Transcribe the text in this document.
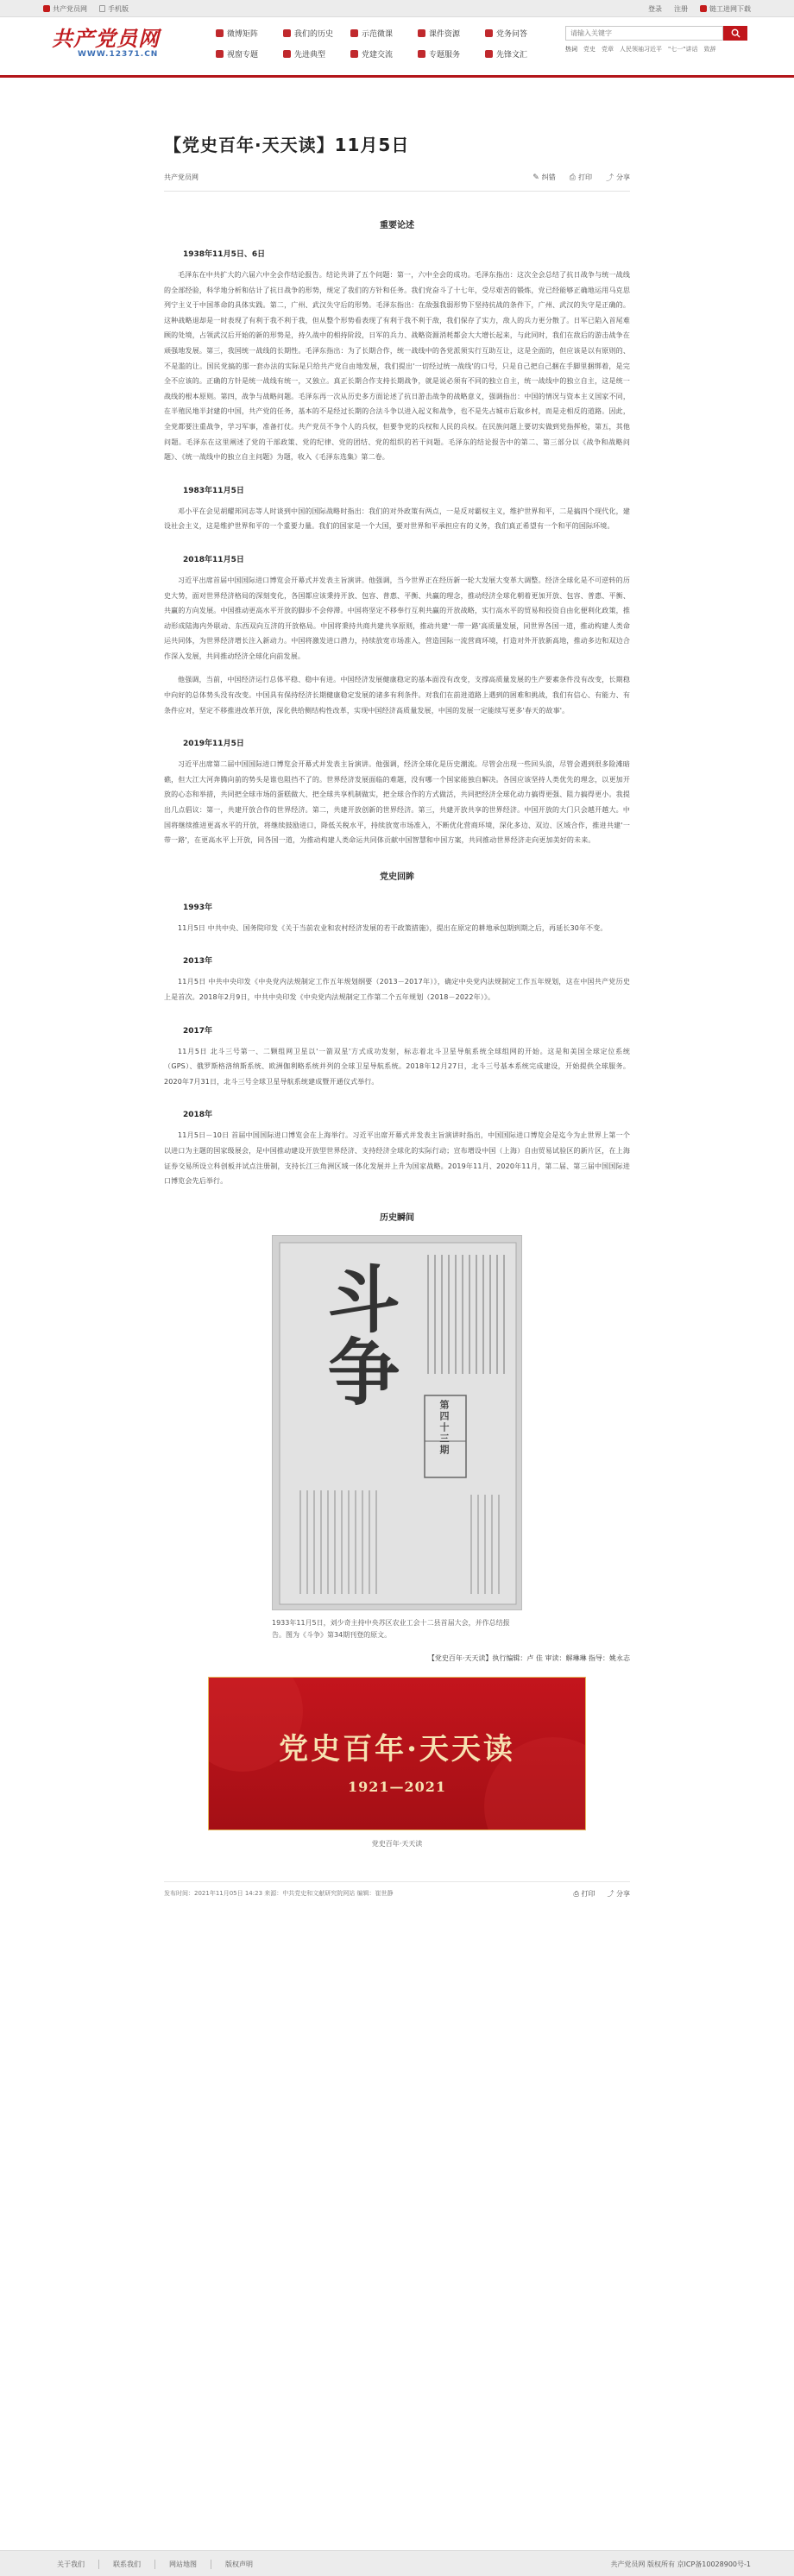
共产党员网	手机版	登录 注册	链工进网下载
共产党员网
WWW.12371.CN
微博矩阵	我们的历史	示范微课	课件资源	党务问答
视窗专题	先进典型	党建交流	专题服务	先锋文汇
请输入关键字
热词 党史 党章 人民领袖习近平 "七一"讲话 致辞
【党史百年·天天读】11月5日
共产党员网	✎ 纠错 ⎙ 打印 ⤴ 分享
重要论述
1938年11月5日、6日

毛泽东在中共扩大的六届六中全会作结论报告。结论共讲了五个问题：第一，六中全会的成功。毛泽东指出：这次全会总结了抗日战争与统一战线的全部经验，科学地分析和估计了抗日战争的形势，规定了我们的方针和任务。我们党奋斗了十七年，受尽艰苦的锻炼，党已经能够正确地运用马克思列宁主义于中国革命的具体实践。第二，广州、武汉失守后的形势。毛泽东指出：在敌强我弱形势下坚持抗战的条件下，广州、武汉的失守是正确的。这种战略退却是一时表现了有利于我不利于我，但从整个形势看表现了有利于我不利于敌，我们保存了实力，敌人的兵力更分散了。日军已陷入首尾难顾的处境，占领武汉后开始的新的形势是，持久战中的相持阶段，日军的兵力、战略资源消耗都会大大增长起来，与此同时，我们在敌后的游击战争在顽强地发展。第三，我国统一战线的长期性。毛泽东指出：为了长期合作，统一战线中的各党派须实行互助互让，这是全面的，但应该是以有原则的、不是滥的让。国民党搞的那一套办法的实际是只给共产党自由地发展，我们提出'一切经过统一战线'的口号，只是自己把自己捆在手脚里捆绑着，是完全不应该的。正确的方针是统一战线有统一，又独立。真正长期合作支持长期战争，就是说必须有不同的独立自主，统一战线中的独立自主，这是统一战线的根本原则。第四，战争与战略问题。毛泽东再一次从历史多方面论述了抗日游击战争的战略意义，强调指出：中国的情况与资本主义国家不同，在半殖民地半封建的中国，共产党的任务，基本的不是经过长期的合法斗争以进入起义和战争，也不是先占城市后取乡村，而是走相反的道路。因此，全党都要注重战争，学习军事，准备打仗。共产党员不争个人的兵权，但要争党的兵权和人民的兵权。在民族问题上要切实做到党指挥枪，第五，其他问题。毛泽东在这里阐述了党的干部政策、党的纪律、党的团结、党的组织的若干问题。毛泽东的结论报告中的第二、第三部分以《战争和战略问题》、《统一战线中的独立自主问题》为题，收入《毛泽东选集》第二卷。

1983年11月5日

邓小平在会见胡耀邦同志等人时谈到中国的国际战略时指出：我们的对外政策有两点，一是反对霸权主义，维护世界和平，二是搞四个现代化，建设社会主义，这是维护世界和平的一个重要力量。我们的国家是一个大国，要对世界和平承担应有的义务，我们真正希望有一个和平的国际环境。

2018年11月5日

习近平出席首届中国国际进口博览会开幕式并发表主旨演讲。他强调，当今世界正在经历新一轮大发展大变革大调整。经济全球化是不可逆转的历史大势，面对世界经济格局的深刻变化，各国都应该秉持开放、包容、普惠、平衡、共赢的理念，推动经济全球化朝着更加开放、包容、普惠、平衡、共赢的方向发展。中国推动更高水平开放的脚步不会停滞。中国将坚定不移奉行互利共赢的开放战略，实行高水平的贸易和投资自由化便利化政策，推动形成陆海内外联动、东西双向互济的开放格局。中国将秉持共商共建共享原则，推动共建'一带一路'高质量发展，同世界各国一道，推动构建人类命运共同体，为世界经济增长注入新动力。中国将激发进口潜力，持续放宽市场准入，营造国际一流营商环境，打造对外开放新高地，推动多边和双边合作深入发展，共同推动经济全球化向前发展。

他强调，当前，中国经济运行总体平稳、稳中有进。中国经济发展健康稳定的基本面没有改变，支撑高质量发展的生产要素条件没有改变，长期稳中向好的总体势头没有改变。中国具有保持经济长期健康稳定发展的诸多有利条件。对我们在前进道路上遇到的困难和挑战，我们有信心、有能力、有条件应对，坚定不移推进改革开放，深化供给侧结构性改革，实现中国经济高质量发展，中国的发展一定能续写更多'春天的故事'。

2019年11月5日

习近平出席第二届中国国际进口博览会开幕式并发表主旨演讲。他强调，经济全球化是历史潮流。尽管会出现一些回头浪，尽管会遇到很多险滩暗礁，但大江大河奔腾向前的势头是谁也阻挡不了的。世界经济发展面临的难题，没有哪一个国家能独自解决。各国应该坚持人类优先的理念，以更加开放的心态和举措，共同把全球市场的蛋糕做大、把全球共享机制做实，把全球合作的方式做活，共同把经济全球化动力搞得更强、阻力搞得更小。我提出几点倡议：第一，共建开放合作的世界经济。第二，共建开放创新的世界经济。第三，共建开放共享的世界经济。中国开放的大门只会越开越大。中国将继续推进更高水平的开放，将继续鼓励进口，降低关税水平，持续放宽市场准入，不断优化营商环境，深化多边、双边、区域合作，推进共建'一带一路'，在更高水平上开放，同各国一道，为推动构建人类命运共同体贡献中国智慧和中国方案，共同推动世界经济走向更加美好的未来。

党史回眸
1993年

11月5日 中共中央、国务院印发《关于当前农业和农村经济发展的若干政策措施》，提出在原定的耕地承包期到期之后，再延长30年不变。

2013年

11月5日 中共中央印发《中央党内法规制定工作五年规划纲要（2013－2017年）》，确定中央党内法规制定工作五年规划，这在中国共产党历史上是首次。2018年2月9日，中共中央印发《中央党内法规制定工作第二个五年规划（2018－2022年）》。

2017年

11月5日 北斗三号第一、二颗组网卫星以'一箭双星'方式成功发射，标志着北斗卫星导航系统全球组网的开始。这是和美国全球定位系统（GPS）、俄罗斯格洛纳斯系统、欧洲伽利略系统并列的全球卫星导航系统。2018年12月27日，北斗三号基本系统完成建设，开始提供全球服务。2020年7月31日，北斗三号全球卫星导航系统建成暨开通仪式举行。

2018年

11月5日－10日 首届中国国际进口博览会在上海举行。习近平出席开幕式并发表主旨演讲时指出，中国国际进口博览会是迄今为止世界上第一个以进口为主题的国家级展会，是中国推动建设开放型世界经济、支持经济全球化的实际行动；宣布增设中国（上海）自由贸易试验区的新片区，在上海证券交易所设立科创板并试点注册制，支持长江三角洲区域一体化发展并上升为国家战略。2019年11月、2020年11月，第二届、第三届中国国际进口博览会先后举行。

历史瞬间
斗争
第四十三期
1933年11月5日，刘少奇主持中央苏区农业工会十二县首届大会，并作总结报告。图为《斗争》第34期刊登的原文。
【党史百年·天天读】执行编辑：卢 佳 审读：解琳琳 指导：姚永志
党史百年·天天读
1921—2021
党史百年·天天读
发布时间：2021年11月05日 14:23 来源：中共党史和文献研究院网站 编辑：崔世静	⎙ 打印 ⤴ 分享
关于我们	联系我们	网站地图	版权声明	共产党员网 版权所有 京ICP备10028900号-1
